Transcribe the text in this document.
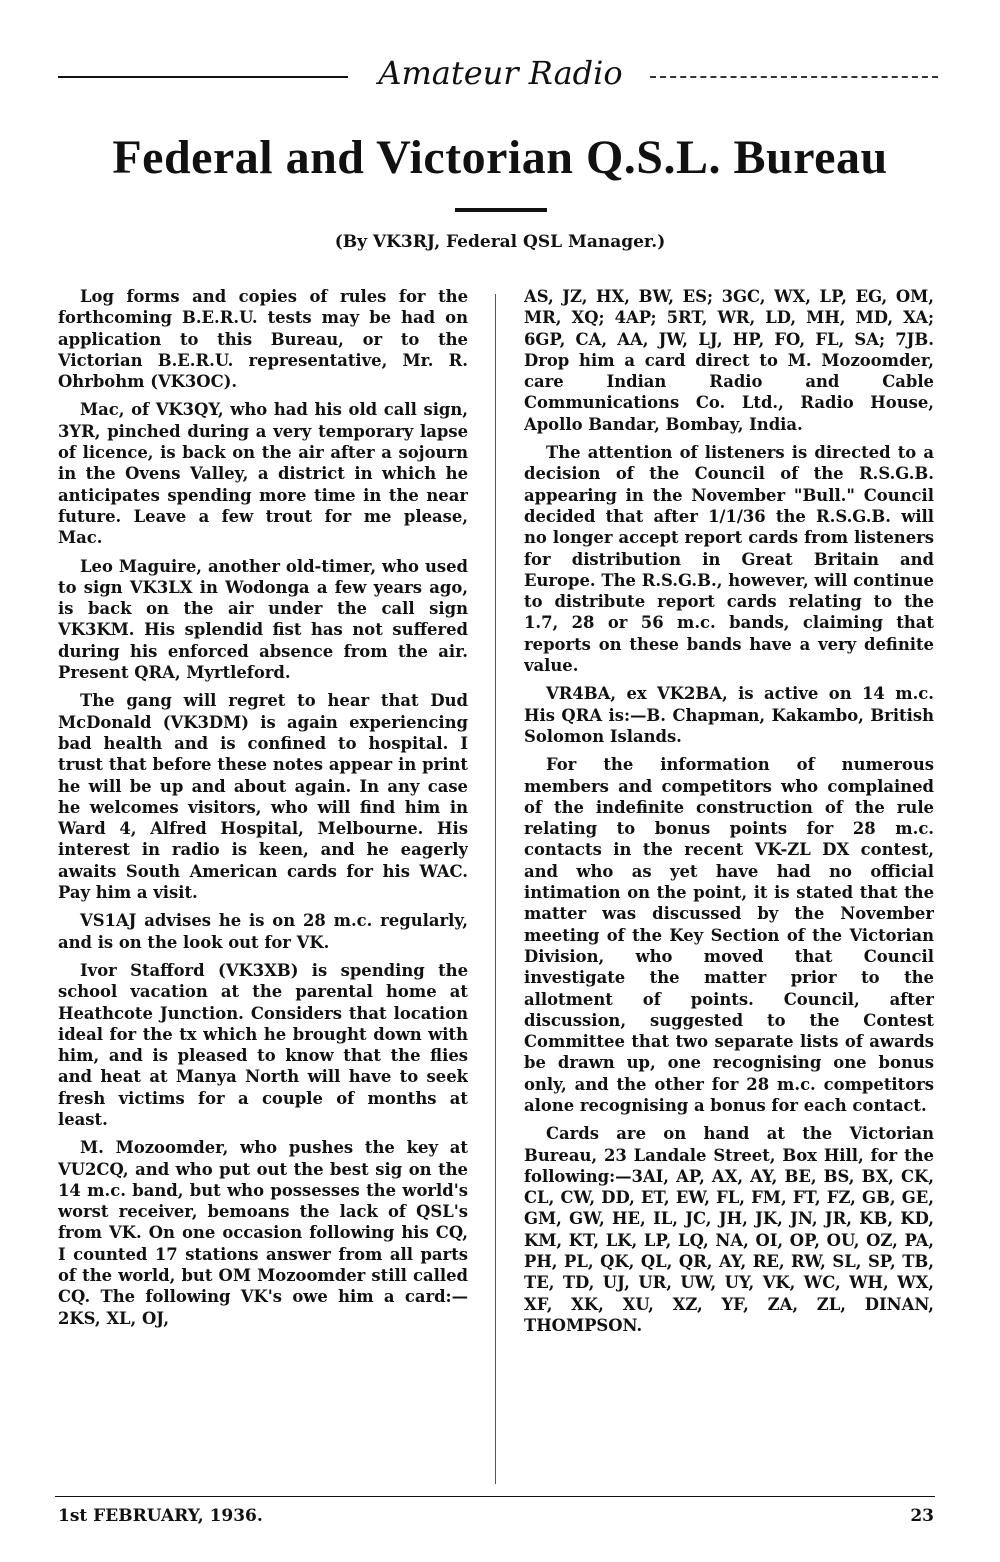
Amateur Radio
Federal and Victorian Q.S.L. Bureau
(By VK3RJ, Federal QSL Manager.)

Log forms and copies of rules for the forthcoming B.E.R.U. tests may be had on application to this Bureau, or to the Victorian B.E.R.U. representative, Mr. R. Ohrbohm (VK3OC).

Mac, of VK3QY, who had his old call sign, 3YR, pinched during a very temporary lapse of licence, is back on the air after a sojourn in the Ovens Valley, a district in which he anticipates spending more time in the near future. Leave a few trout for me please, Mac.

Leo Maguire, another old-timer, who used to sign VK3LX in Wodonga a few years ago, is back on the air under the call sign VK3KM. His splendid fist has not suffered during his enforced absence from the air. Present QRA, Myrtleford.

The gang will regret to hear that Dud McDonald (VK3DM) is again experiencing bad health and is confined to hospital. I trust that before these notes appear in print he will be up and about again. In any case he welcomes visitors, who will find him in Ward 4, Alfred Hospital, Melbourne. His interest in radio is keen, and he eagerly awaits South American cards for his WAC. Pay him a visit.

VS1AJ advises he is on 28 m.c. regularly, and is on the look out for VK.

Ivor Stafford (VK3XB) is spending the school vacation at the parental home at Heathcote Junction. Considers that location ideal for the tx which he brought down with him, and is pleased to know that the flies and heat at Manya North will have to seek fresh victims for a couple of months at least.

M. Mozoomder, who pushes the key at VU2CQ, and who put out the best sig on the 14 m.c. band, but who possesses the world's worst receiver, bemoans the lack of QSL's from VK. On one occasion following his CQ, I counted 17 stations answer from all parts of the world, but OM Mozoomder still called CQ. The following VK's owe him a card:—2KS, XL, OJ,

AS, JZ, HX, BW, ES; 3GC, WX, LP, EG, OM, MR, XQ; 4AP; 5RT, WR, LD, MH, MD, XA; 6GP, CA, AA, JW, LJ, HP, FO, FL, SA; 7JB. Drop him a card direct to M. Mozoomder, care Indian Radio and Cable Communications Co. Ltd., Radio House, Apollo Bandar, Bombay, India.

The attention of listeners is directed to a decision of the Council of the R.S.G.B. appearing in the November "Bull." Council decided that after 1/1/36 the R.S.G.B. will no longer accept report cards from listeners for distribution in Great Britain and Europe. The R.S.G.B., however, will continue to distribute report cards relating to the 1.7, 28 or 56 m.c. bands, claiming that reports on these bands have a very definite value.

VR4BA, ex VK2BA, is active on 14 m.c. His QRA is:—B. Chapman, Kakambo, British Solomon Islands.

For the information of numerous members and competitors who complained of the indefinite construction of the rule relating to bonus points for 28 m.c. contacts in the recent VK-ZL DX contest, and who as yet have had no official intimation on the point, it is stated that the matter was discussed by the November meeting of the Key Section of the Victorian Division, who moved that Council investigate the matter prior to the allotment of points. Council, after discussion, suggested to the Contest Committee that two separate lists of awards be drawn up, one recognising one bonus only, and the other for 28 m.c. competitors alone recognising a bonus for each contact.

Cards are on hand at the Victorian Bureau, 23 Landale Street, Box Hill, for the following:—3AI, AP, AX, AY, BE, BS, BX, CK, CL, CW, DD, ET, EW, FL, FM, FT, FZ, GB, GE, GM, GW, HE, IL, JC, JH, JK, JN, JR, KB, KD, KM, KT, LK, LP, LQ, NA, OI, OP, OU, OZ, PA, PH, PL, QK, QL, QR, AY, RE, RW, SL, SP, TB, TE, TD, UJ, UR, UW, UY, VK, WC, WH, WX, XF, XK, XU, XZ, YF, ZA, ZL, DINAN, THOMPSON.

1st FEBRUARY, 1936.	23
